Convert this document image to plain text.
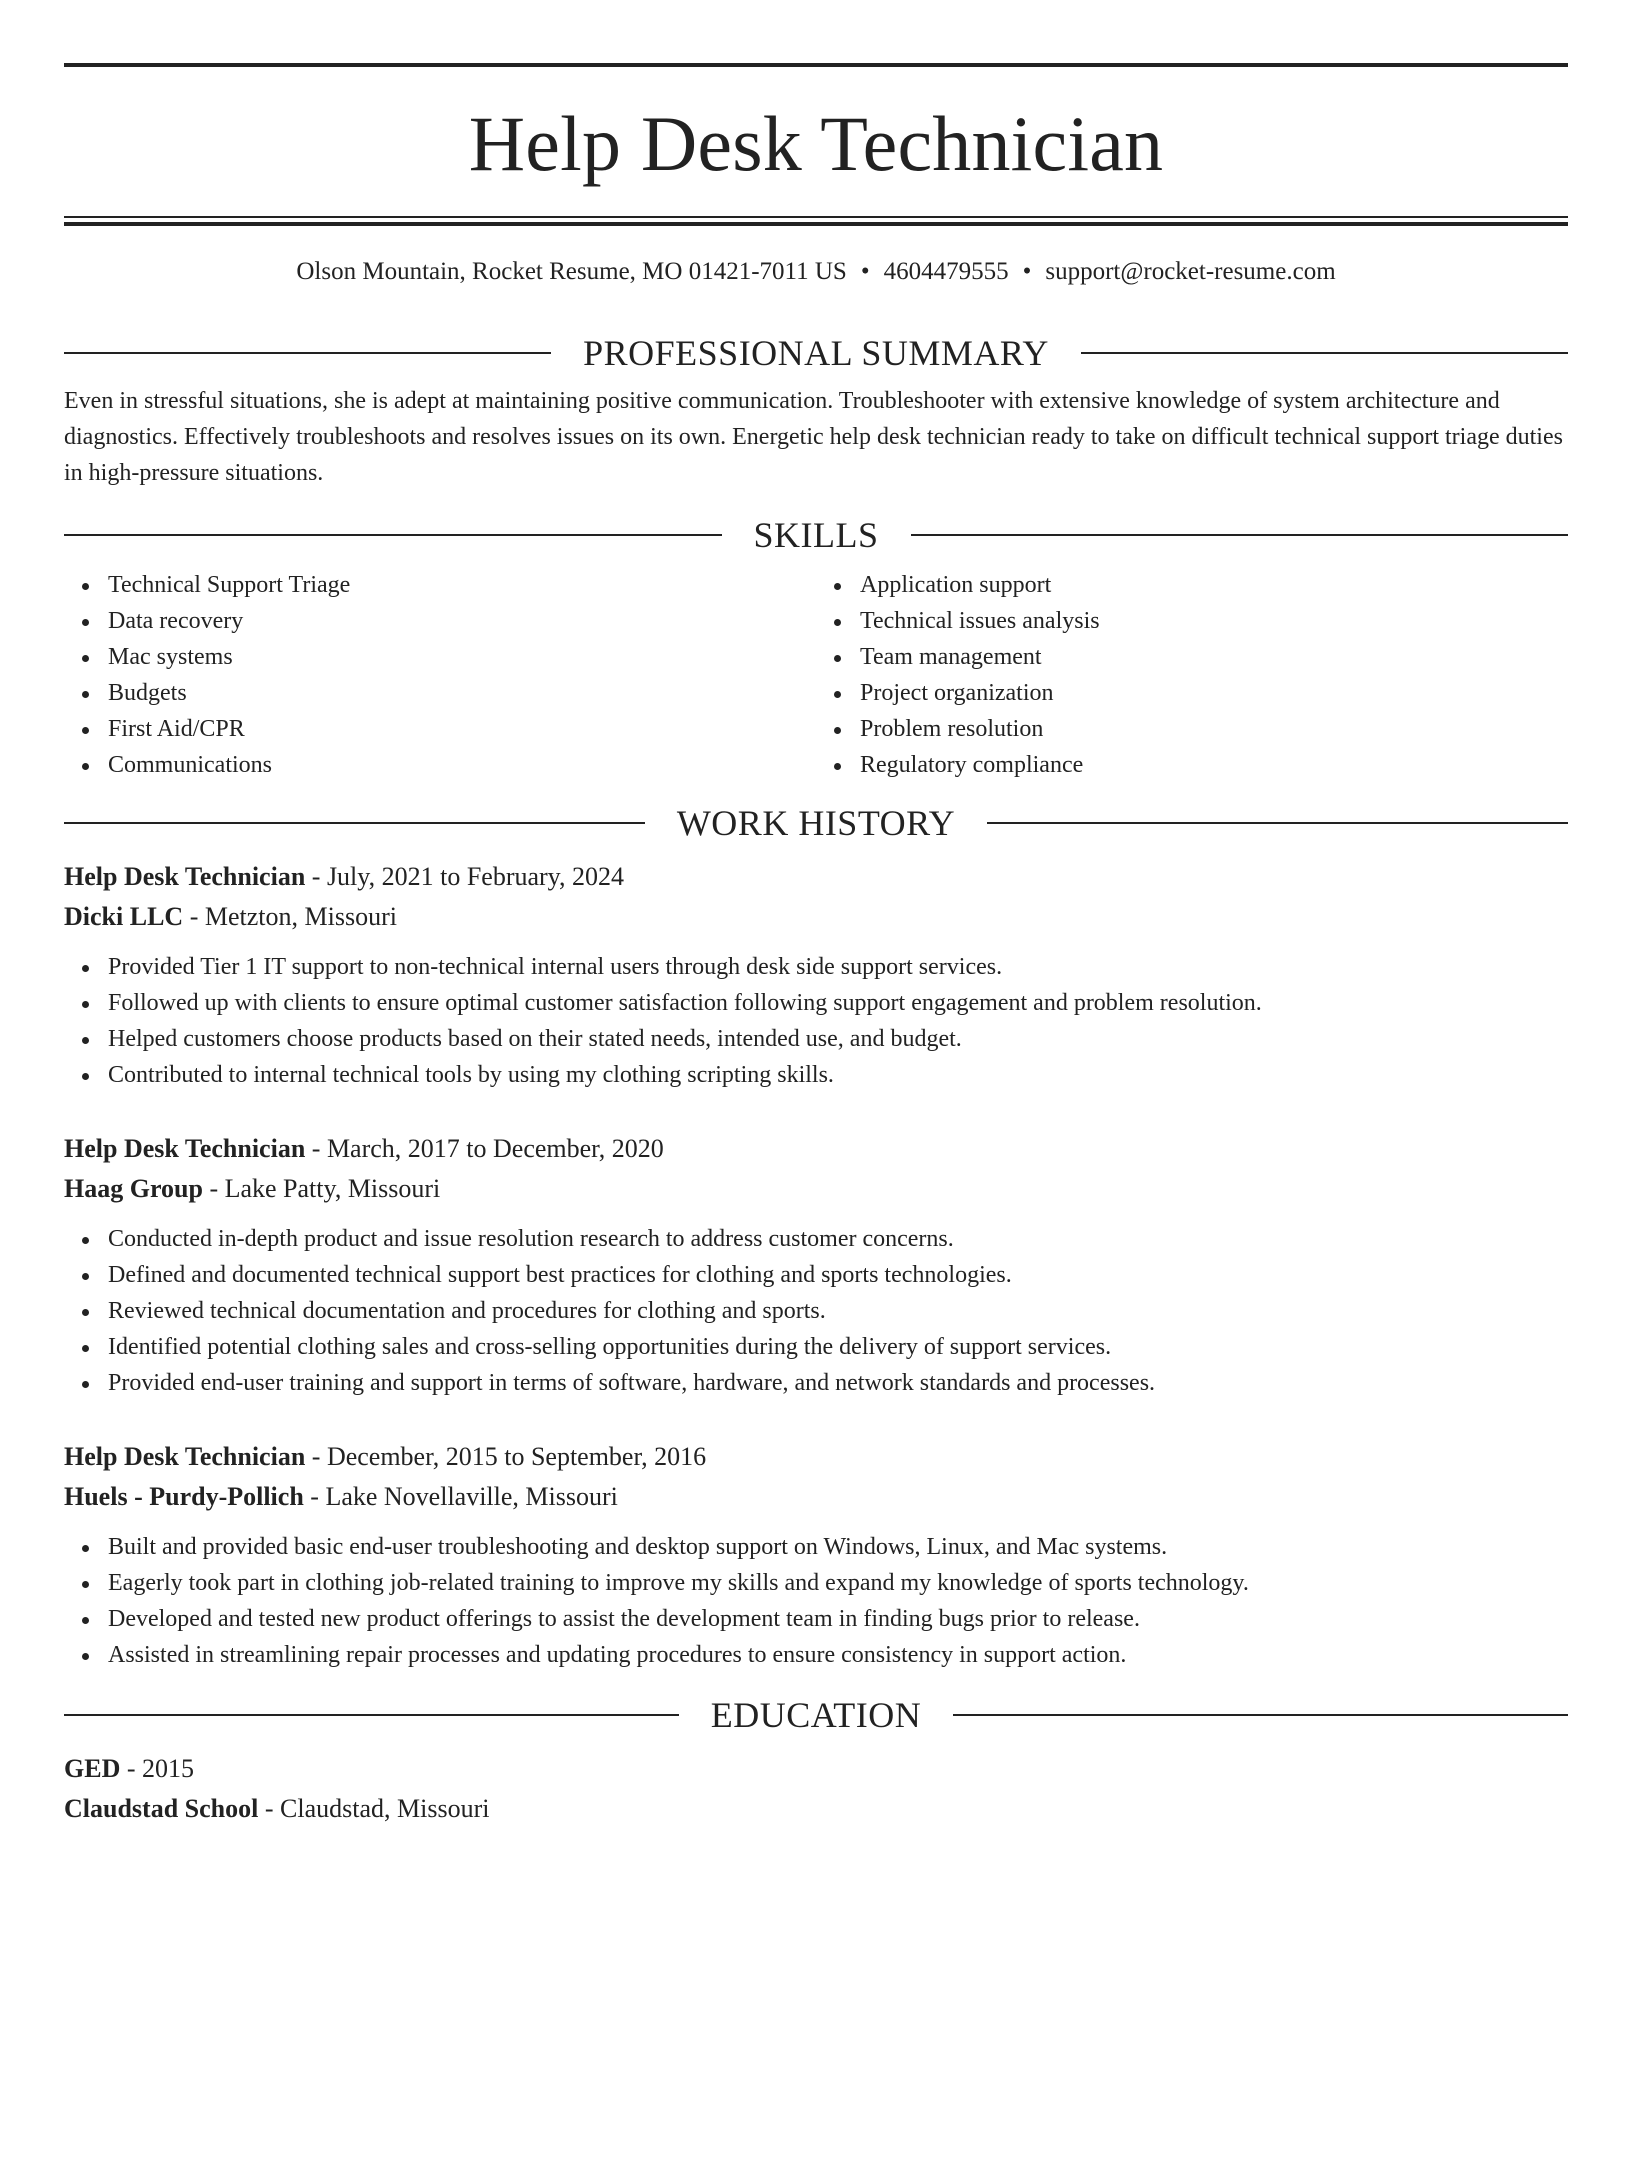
Help Desk Technician
Olson Mountain, Rocket Resume, MO 01421-7011 US • 4604479555 • support@rocket-resume.com
PROFESSIONAL SUMMARY
Even in stressful situations, she is adept at maintaining positive communication. Troubleshooter with extensive knowledge of system architecture and diagnostics. Effectively troubleshoots and resolves issues on its own. Energetic help desk technician ready to take on difficult technical support triage duties in high-pressure situations.
SKILLS
Technical Support Triage
Data recovery
Mac systems
Budgets
First Aid/CPR
Communications
Application support
Technical issues analysis
Team management
Project organization
Problem resolution
Regulatory compliance
WORK HISTORY
Help Desk Technician - July, 2021 to February, 2024
Dicki LLC - Metzton, Missouri
Provided Tier 1 IT support to non-technical internal users through desk side support services.
Followed up with clients to ensure optimal customer satisfaction following support engagement and problem resolution.
Helped customers choose products based on their stated needs, intended use, and budget.
Contributed to internal technical tools by using my clothing scripting skills.
Help Desk Technician - March, 2017 to December, 2020
Haag Group - Lake Patty, Missouri
Conducted in-depth product and issue resolution research to address customer concerns.
Defined and documented technical support best practices for clothing and sports technologies.
Reviewed technical documentation and procedures for clothing and sports.
Identified potential clothing sales and cross-selling opportunities during the delivery of support services.
Provided end-user training and support in terms of software, hardware, and network standards and processes.
Help Desk Technician - December, 2015 to September, 2016
Huels - Purdy-Pollich - Lake Novellaville, Missouri
Built and provided basic end-user troubleshooting and desktop support on Windows, Linux, and Mac systems.
Eagerly took part in clothing job-related training to improve my skills and expand my knowledge of sports technology.
Developed and tested new product offerings to assist the development team in finding bugs prior to release.
Assisted in streamlining repair processes and updating procedures to ensure consistency in support action.
EDUCATION
GED - 2015
Claudstad School - Claudstad, Missouri
